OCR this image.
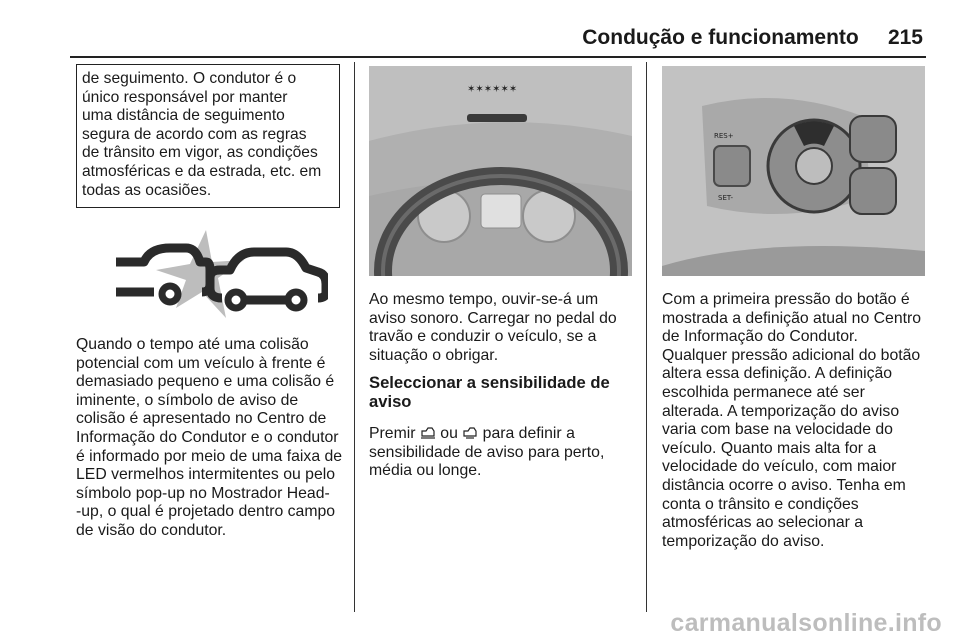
Condução e funcionamento 215
de seguimento. O condutor é o
único responsável por manter
uma distância de seguimento
segura de acordo com as regras
de trânsito em vigor, as condições
atmosféricas e da estrada, etc. em
todas as ocasiões.
Quando o tempo até uma colisão
potencial com um veículo à frente é
demasiado pequeno e uma colisão é
iminente, o símbolo de aviso de
colisão é apresentado no Centro de
Informação do Condutor e o condutor
é informado por meio de uma faixa de
LED vermelhos intermitentes ou pelo
símbolo pop-up no Mostrador Head-
-up, o qual é projetado dentro campo
de visão do condutor.
✶✶✶✶✶✶
Ao mesmo tempo, ouvir-se-á um
aviso sonoro. Carregar no pedal do
travão e conduzir o veículo, se a
situação o obrigar.
Seleccionar a sensibilidade de
aviso
Premir  ou  para definir a
sensibilidade de aviso para perto,
média ou longe.
RES+
SET-
Com a primeira pressão do botão é
mostrada a definição atual no Centro
de Informação do Condutor.
Qualquer pressão adicional do botão
altera essa definição. A definição
escolhida permanece até ser
alterada. A temporização do aviso
varia com base na velocidade do
veículo. Quanto mais alta for a
velocidade do veículo, com maior
distância ocorre o aviso. Tenha em
conta o trânsito e condições
atmosféricas ao selecionar a
temporização do aviso.
carmanualsonline.info
